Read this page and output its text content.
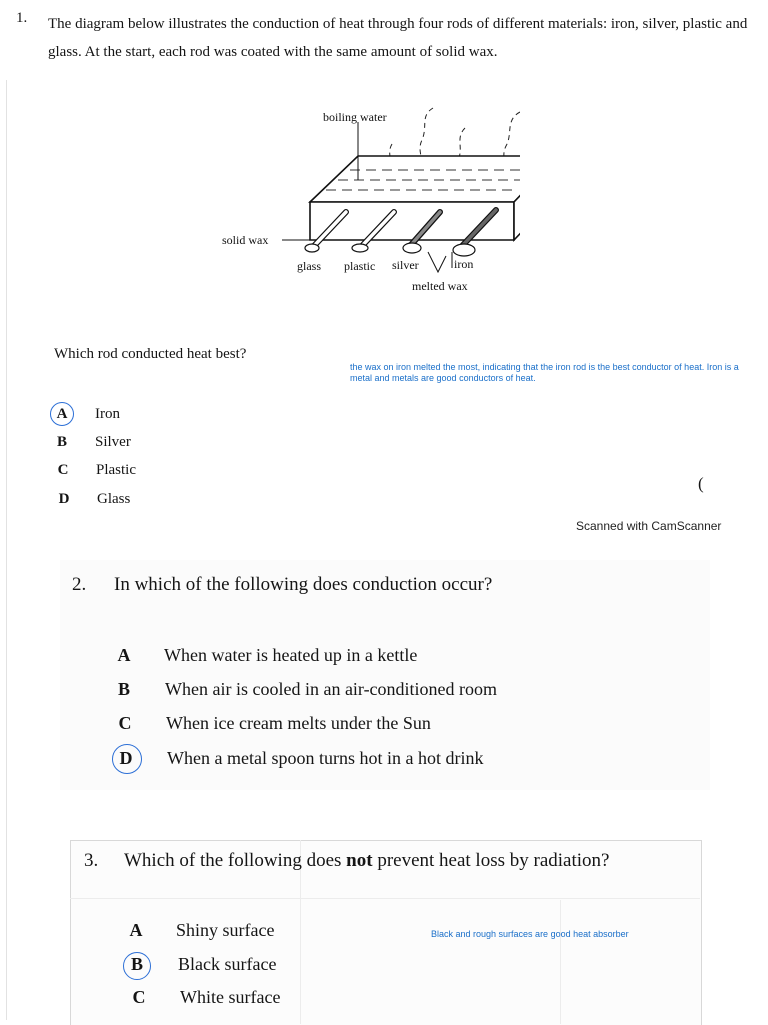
1. The diagram below illustrates the conduction of heat through four rods of different materials: iron, silver, plastic and glass. At the start, each rod was coated with the same amount of solid wax.
boiling water
solid wax
glass plastic silver	iron
melted wax
Which rod conducted heat best?
the wax on iron melted the most, indicating that the iron rod is the best conductor of heat. Iron is a metal and metals are good conductors of heat.
A	Iron
B	Silver
C	Plastic
D	Glass
(
Scanned with CamScanner
2. In which of the following does conduction occur?
A	When water is heated up in a kettle
B	When air is cooled in an air-conditioned room
C	When ice cream melts under the Sun
D	When a metal spoon turns hot in a hot drink
3. Which of the following does not prevent heat loss by radiation?
Black and rough surfaces are good heat absorber
A	Shiny surface
B	Black surface
C	White surface
